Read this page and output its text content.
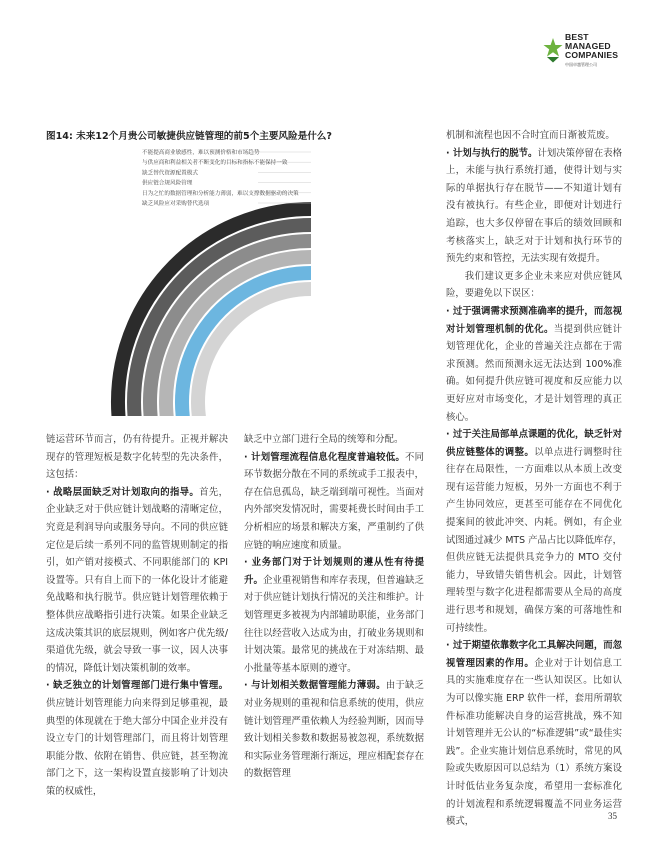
BEST
MANAGED
COMPANIES
中国卓越管理公司
图14: 未来12个月贵公司敏捷供应链管理的前5个主要风险是什么?
不能提高商业敏感性，难以预测价格和市场趋势
与供应商和利益相关者不断变化的目标和指标不能保持一致
缺乏替代资源配置模式
供应链合规风险管理
日为之忙的数据管理和分析能力薄弱，难以支撑数据驱动的决策
缺乏风险应对采购替代选项

链运营环节而言，仍有待提升。正视并解决现存的管理短板是数字化转型的先决条件，这包括：

· 战略层面缺乏对计划取向的指导。首先，企业缺乏对于供应链计划战略的清晰定位，究竟是利润导向或服务导向。不同的供应链定位是后续一系列不同的监管规则制定的指引，如产销对接模式、不同职能部门的 KPI 设置等。只有自上而下的一体化设计才能避免战略和执行脱节。供应链计划管理依赖于整体供应战略指引进行决策。如果企业缺乏这成决策其识的底层规则，例如客户优先级/渠道优先级，就会导致一事一议，因人决事的情况，降低计划决策机制的效率。

· 缺乏独立的计划管理部门进行集中管理。供应链计划管理能力向来得到足够重视，最典型的体现就在于绝大部分中国企业并没有设立专门的计划管理部门，而且将计划管理职能分散、依附在销售、供应链，甚至物流部门之下，这一架构设置直接影响了计划决策的权威性，

缺乏中立部门进行全局的统筹和分配。

· 计划管理流程信息化程度普遍较低。不同环节数据分散在不同的系统或手工报表中，存在信息孤岛，缺乏端到端可视性。当面对内外部突发情况时，需要耗费长时间由手工分析相应的场景和解决方案，严重制约了供应链的响应速度和质量。

· 业务部门对于计划规则的遵从性有待提升。企业重视销售和库存表现，但普遍缺乏对于供应链计划执行情况的关注和维护。计划管理更多被视为内部辅助职能，业务部门往往以经营收入达成为由，打破业务规则和计划决策。最常见的挑战在于对冻结期、最小批量等基本原则的遵守。

· 与计划相关数据管理能力薄弱。由于缺乏对业务规则的重视和信息系统的使用，供应链计划管理严重依赖人为经验判断，因而导致计划相关参数和数据易被忽视，系统数据和实际业务管理渐行渐远，理应相配套存在的数据管理

机制和流程也因不合时宜而日渐被荒废。

· 计划与执行的脱节。计划决策停留在表格上，未能与执行系统打通，使得计划与实际的单据执行存在脱节——不知道计划有没有被执行。有些企业，即便对计划进行追踪，也大多仅停留在事后的绩效回顾和考核落实上，缺乏对于计划和执行环节的预先约束和管控，无法实现有效提升。

我们建议更多企业未来应对供应链风险，要避免以下误区：

· 过于强调需求预测准确率的提升，而忽视对计划管理机制的优化。当提到供应链计划管理优化，企业的普遍关注点都在于需求预测。然而预测永远无法达到 100%准确。如何提升供应链可视度和反应能力以更好应对市场变化，才是计划管理的真正核心。

· 过于关注局部单点课题的优化，缺乏针对供应链整体的调整。以单点进行调整时往往存在局限性，一方面难以从本质上改变现有运营能力短板，另外一方面也不利于产生协同效应，更甚至可能存在不同优化提案间的彼此冲突、内耗。例如，有企业试图通过减少 MTS 产品占比以降低库存，但供应链无法提供具竞争力的 MTO 交付能力，导致错失销售机会。因此，计划管理转型与数字化进程都需要从全局的高度进行思考和规划，确保方案的可落地性和可持续性。

· 过于期望依靠数字化工具解决问题，而忽视管理因素的作用。企业对于计划信息工具的实施难度存在一些认知误区。比如认为可以像实施 ERP 软件一样，套用所谓软件标准功能解决自身的运营挑战，殊不知计划管理并无公认的“标准逻辑”或“最佳实践”。企业实施计划信息系统时，常见的风险或失败原因可以总结为（1）系统方案设计时低估业务复杂度，希望用一套标准化的计划流程和系统逻辑覆盖不同业务运营模式，

35
